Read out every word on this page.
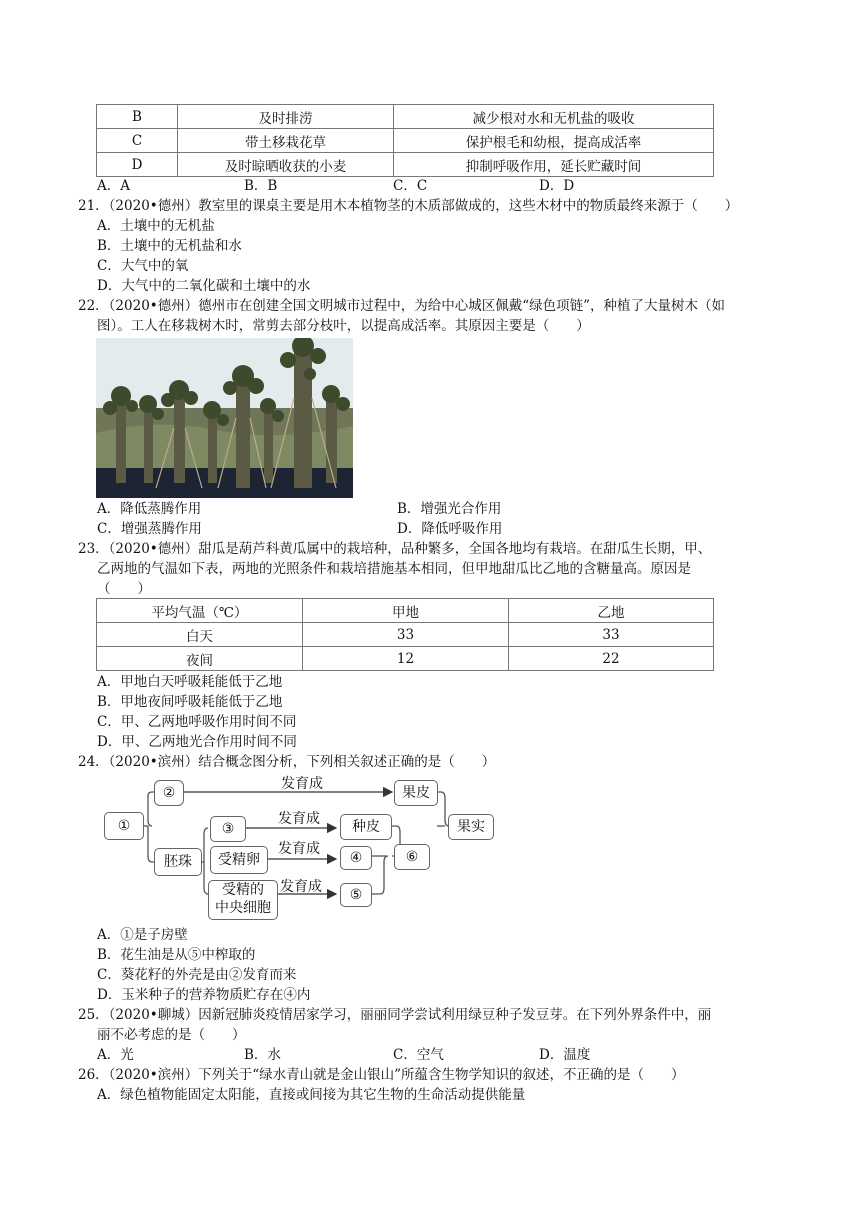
B	及时排涝	减少根对水和无机盐的吸收
C	带土移栽花草	保护根毛和幼根，提高成活率
D	及时晾晒收获的小麦	抑制呼吸作用，延长贮藏时间
A．A	B．B	C．C	D．D
21．（2020•德州）教室里的课桌主要是用木本植物茎的木质部做成的，这些木材中的物质最终来源于（　　）
A．土壤中的无机盐
B．土壤中的无机盐和水
C．大气中的氧
D．大气中的二氧化碳和土壤中的水
22．（2020•德州）德州市在创建全国文明城市过程中，为给中心城区佩戴“绿色项链”，种植了大量树木（如
图）。工人在移栽树木时，常剪去部分枝叶，以提高成活率。其原因主要是（　　）
A．降低蒸腾作用	B．增强光合作用
C．增强蒸腾作用	D．降低呼吸作用
23．（2020•德州）甜瓜是葫芦科黄瓜属中的栽培种，品种繁多，全国各地均有栽培。在甜瓜生长期，甲、
乙两地的气温如下表，两地的光照条件和栽培措施基本相同，但甲地甜瓜比乙地的含糖量高。原因是
（　　）
平均气温（℃）	甲地	乙地
白天	33	33
夜间	12	22
A．甲地白天呼吸耗能低于乙地
B．甲地夜间呼吸耗能低于乙地
C．甲、乙两地呼吸作用时间不同
D．甲、乙两地光合作用时间不同
24．（2020•滨州）结合概念图分析，下列相关叙述正确的是（　　）
①
②
胚珠
③
受精卵
受精的
中央细胞
发育成
发育成
发育成
发育成
果皮
种皮
④
⑤
⑥
果实
A．①是子房壁
B．花生油是从⑤中榨取的
C．葵花籽的外壳是由②发育而来
D．玉米种子的营养物质贮存在④内
25．（2020•聊城）因新冠肺炎疫情居家学习，丽丽同学尝试利用绿豆种子发豆芽。在下列外界条件中，丽
丽不必考虑的是（　　）
A．光	B．水	C．空气	D．温度
26．（2020•滨州）下列关于“绿水青山就是金山银山”所蕴含生物学知识的叙述，不正确的是（　　）
A．绿色植物能固定太阳能，直接或间接为其它生物的生命活动提供能量
